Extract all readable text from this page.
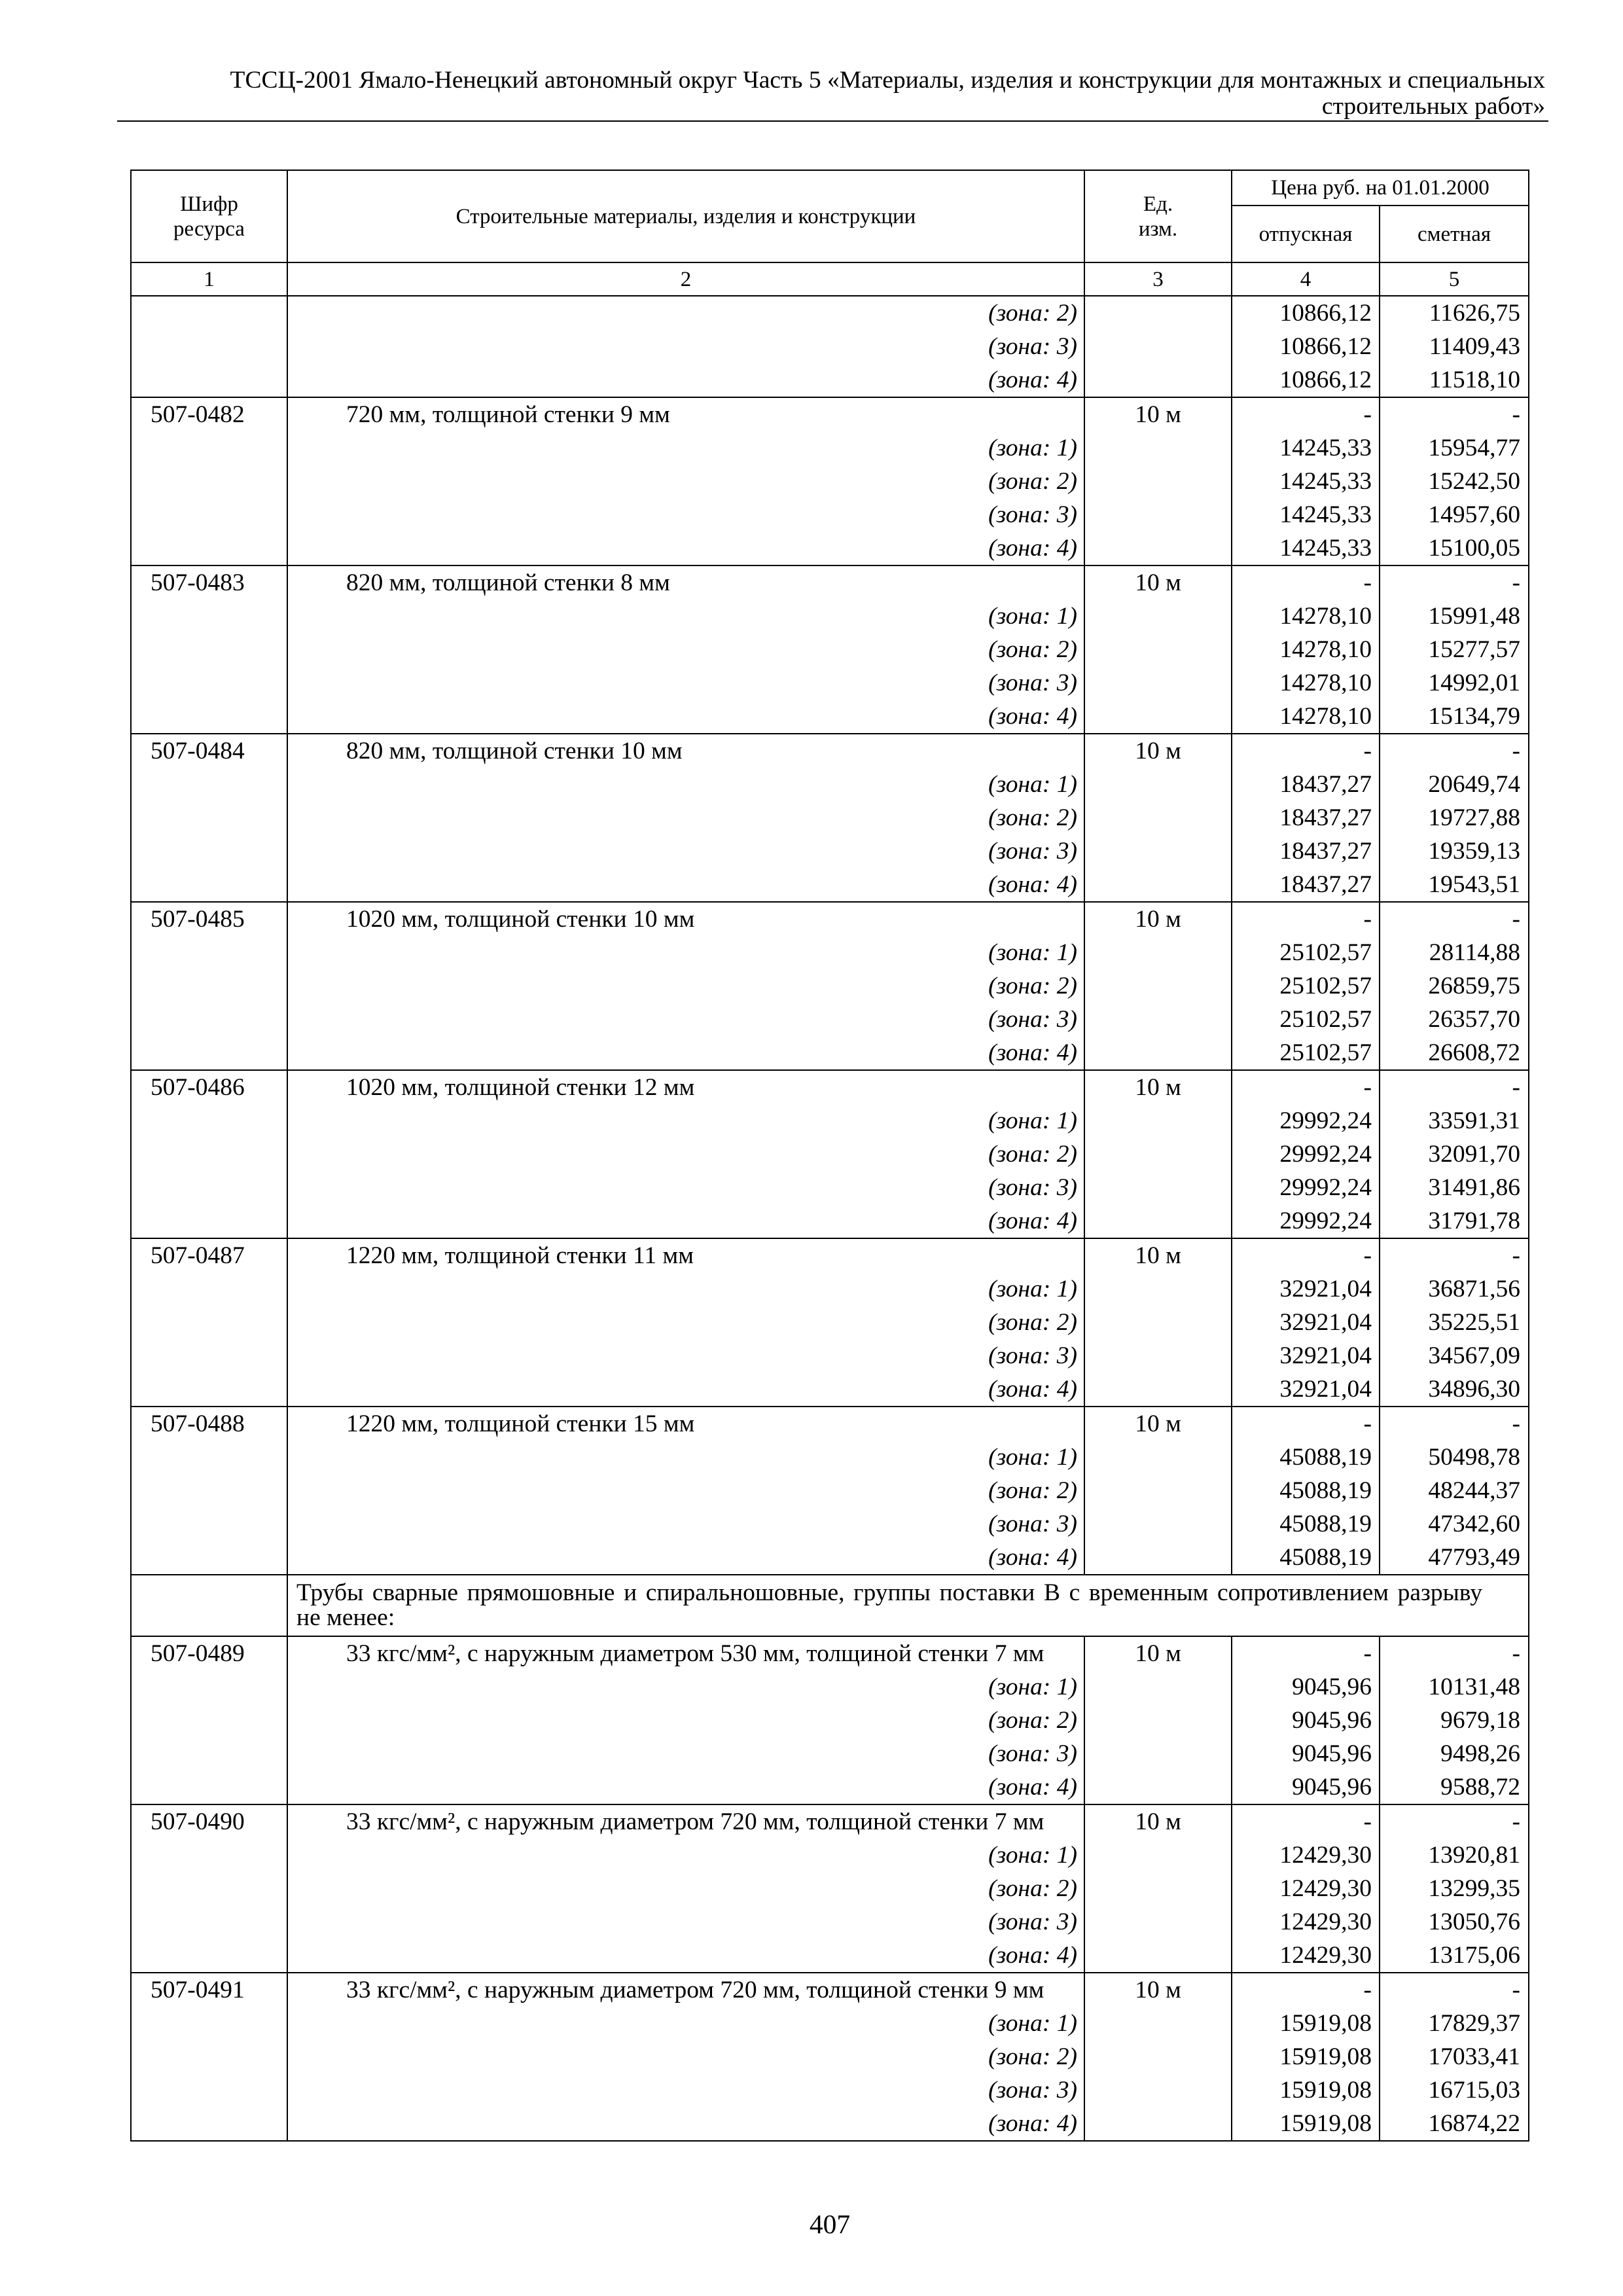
ТССЦ-2001 Ямало-Ненецкий автономный округ Часть 5 «Материалы, изделия и конструкции для монтажных и специальных
строительных работ»
Шифр
ресурса
Строительные материалы, изделия и конструкции
Ед.
изм.
Цена руб. на 01.01.2000
отпускная	сметная
1	2	3	4	5
(зона: 2)	10866,12	11626,75
(зона: 3)	10866,12	11409,43
(зона: 4)	10866,12	11518,10
507-0482	720 мм, толщиной стенки 9 мм	10 м	-	-
(зона: 1)	14245,33	15954,77
(зона: 2)	14245,33	15242,50
(зона: 3)	14245,33	14957,60
(зона: 4)	14245,33	15100,05
507-0483	820 мм, толщиной стенки 8 мм	10 м	-	-
(зона: 1)	14278,10	15991,48
(зона: 2)	14278,10	15277,57
(зона: 3)	14278,10	14992,01
(зона: 4)	14278,10	15134,79
507-0484	820 мм, толщиной стенки 10 мм	10 м	-	-
(зона: 1)	18437,27	20649,74
(зона: 2)	18437,27	19727,88
(зона: 3)	18437,27	19359,13
(зона: 4)	18437,27	19543,51
507-0485	1020 мм, толщиной стенки 10 мм	10 м	-	-
(зона: 1)	25102,57	28114,88
(зона: 2)	25102,57	26859,75
(зона: 3)	25102,57	26357,70
(зона: 4)	25102,57	26608,72
507-0486	1020 мм, толщиной стенки 12 мм	10 м	-	-
(зона: 1)	29992,24	33591,31
(зона: 2)	29992,24	32091,70
(зона: 3)	29992,24	31491,86
(зона: 4)	29992,24	31791,78
507-0487	1220 мм, толщиной стенки 11 мм	10 м	-	-
(зона: 1)	32921,04	36871,56
(зона: 2)	32921,04	35225,51
(зона: 3)	32921,04	34567,09
(зона: 4)	32921,04	34896,30
507-0488	1220 мм, толщиной стенки 15 мм	10 м	-	-
(зона: 1)	45088,19	50498,78
(зона: 2)	45088,19	48244,37
(зона: 3)	45088,19	47342,60
(зона: 4)	45088,19	47793,49
Трубы сварные прямошовные и спиральношовные, группы поставки В с временным сопротивлением разрыву
не менее:
507-0489	33 кгс/мм², с наружным диаметром 530 мм, толщиной стенки 7 мм	10 м	-	-
(зона: 1)	9045,96	10131,48
(зона: 2)	9045,96	9679,18
(зона: 3)	9045,96	9498,26
(зона: 4)	9045,96	9588,72
507-0490	33 кгс/мм², с наружным диаметром 720 мм, толщиной стенки 7 мм	10 м	-	-
(зона: 1)	12429,30	13920,81
(зона: 2)	12429,30	13299,35
(зона: 3)	12429,30	13050,76
(зона: 4)	12429,30	13175,06
507-0491	33 кгс/мм², с наружным диаметром 720 мм, толщиной стенки 9 мм	10 м	-	-
(зона: 1)	15919,08	17829,37
(зона: 2)	15919,08	17033,41
(зона: 3)	15919,08	16715,03
(зона: 4)	15919,08	16874,22
407
